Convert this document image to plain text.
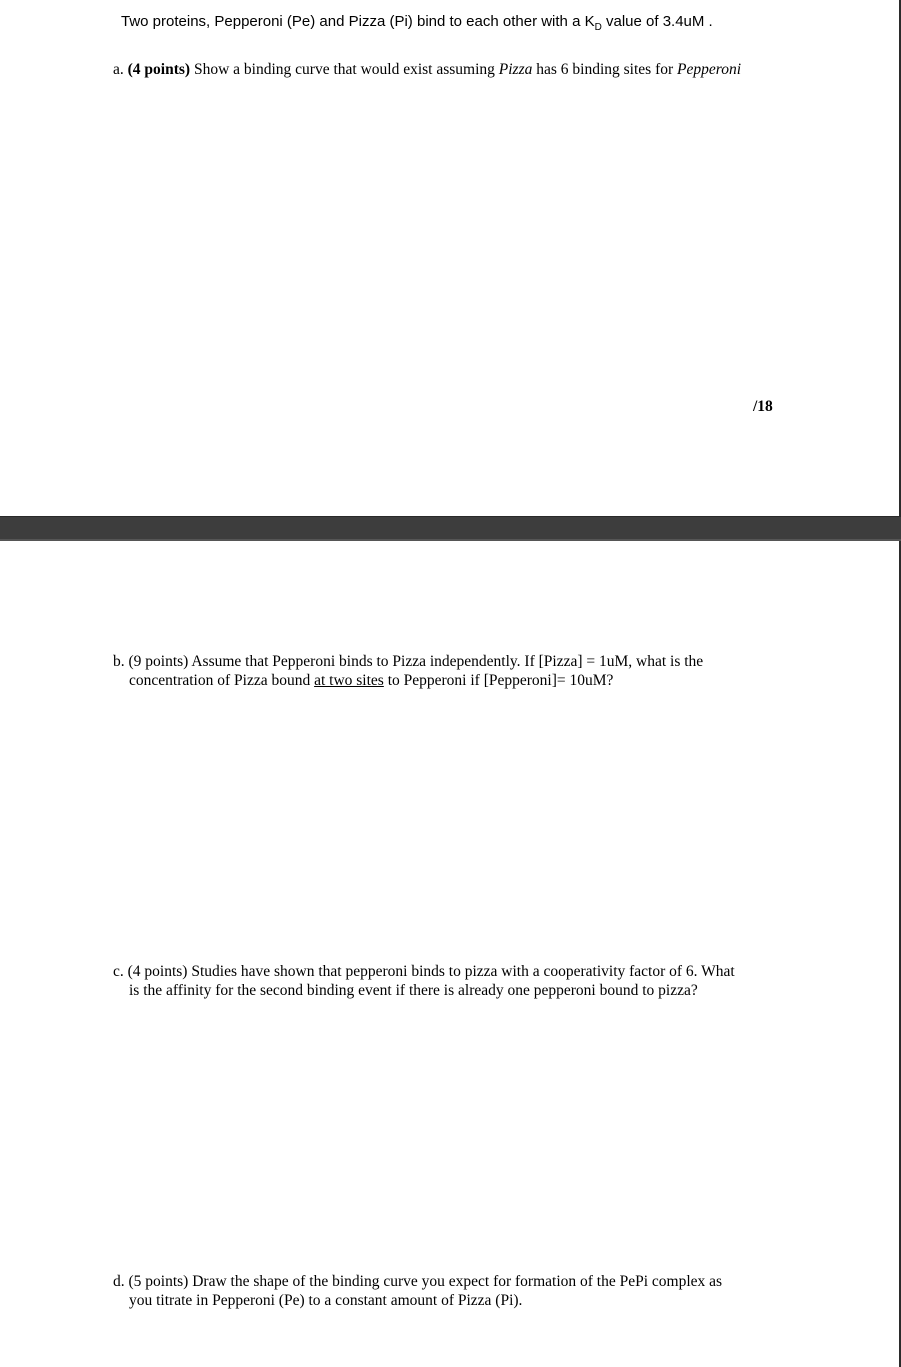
Two proteins, Pepperoni (Pe) and Pizza (Pi) bind to each other with a $K_D$ value of 3.4uM .
a. (4 points) Show a binding curve that would exist assuming Pizza has 6 binding sites for Pepperoni
/18
b. (9 points) Assume that Pepperoni binds to Pizza independently. If [Pizza] = 1uM, what is the
concentration of Pizza bound at two sites to Pepperoni if [Pepperoni]= 10uM?
c. (4 points) Studies have shown that pepperoni binds to pizza with a cooperativity factor of 6. What
is the affinity for the second binding event if there is already one pepperoni bound to pizza?
d. (5 points) Draw the shape of the binding curve you expect for formation of the PePi complex as
you titrate in Pepperoni (Pe) to a constant amount of Pizza (Pi).
